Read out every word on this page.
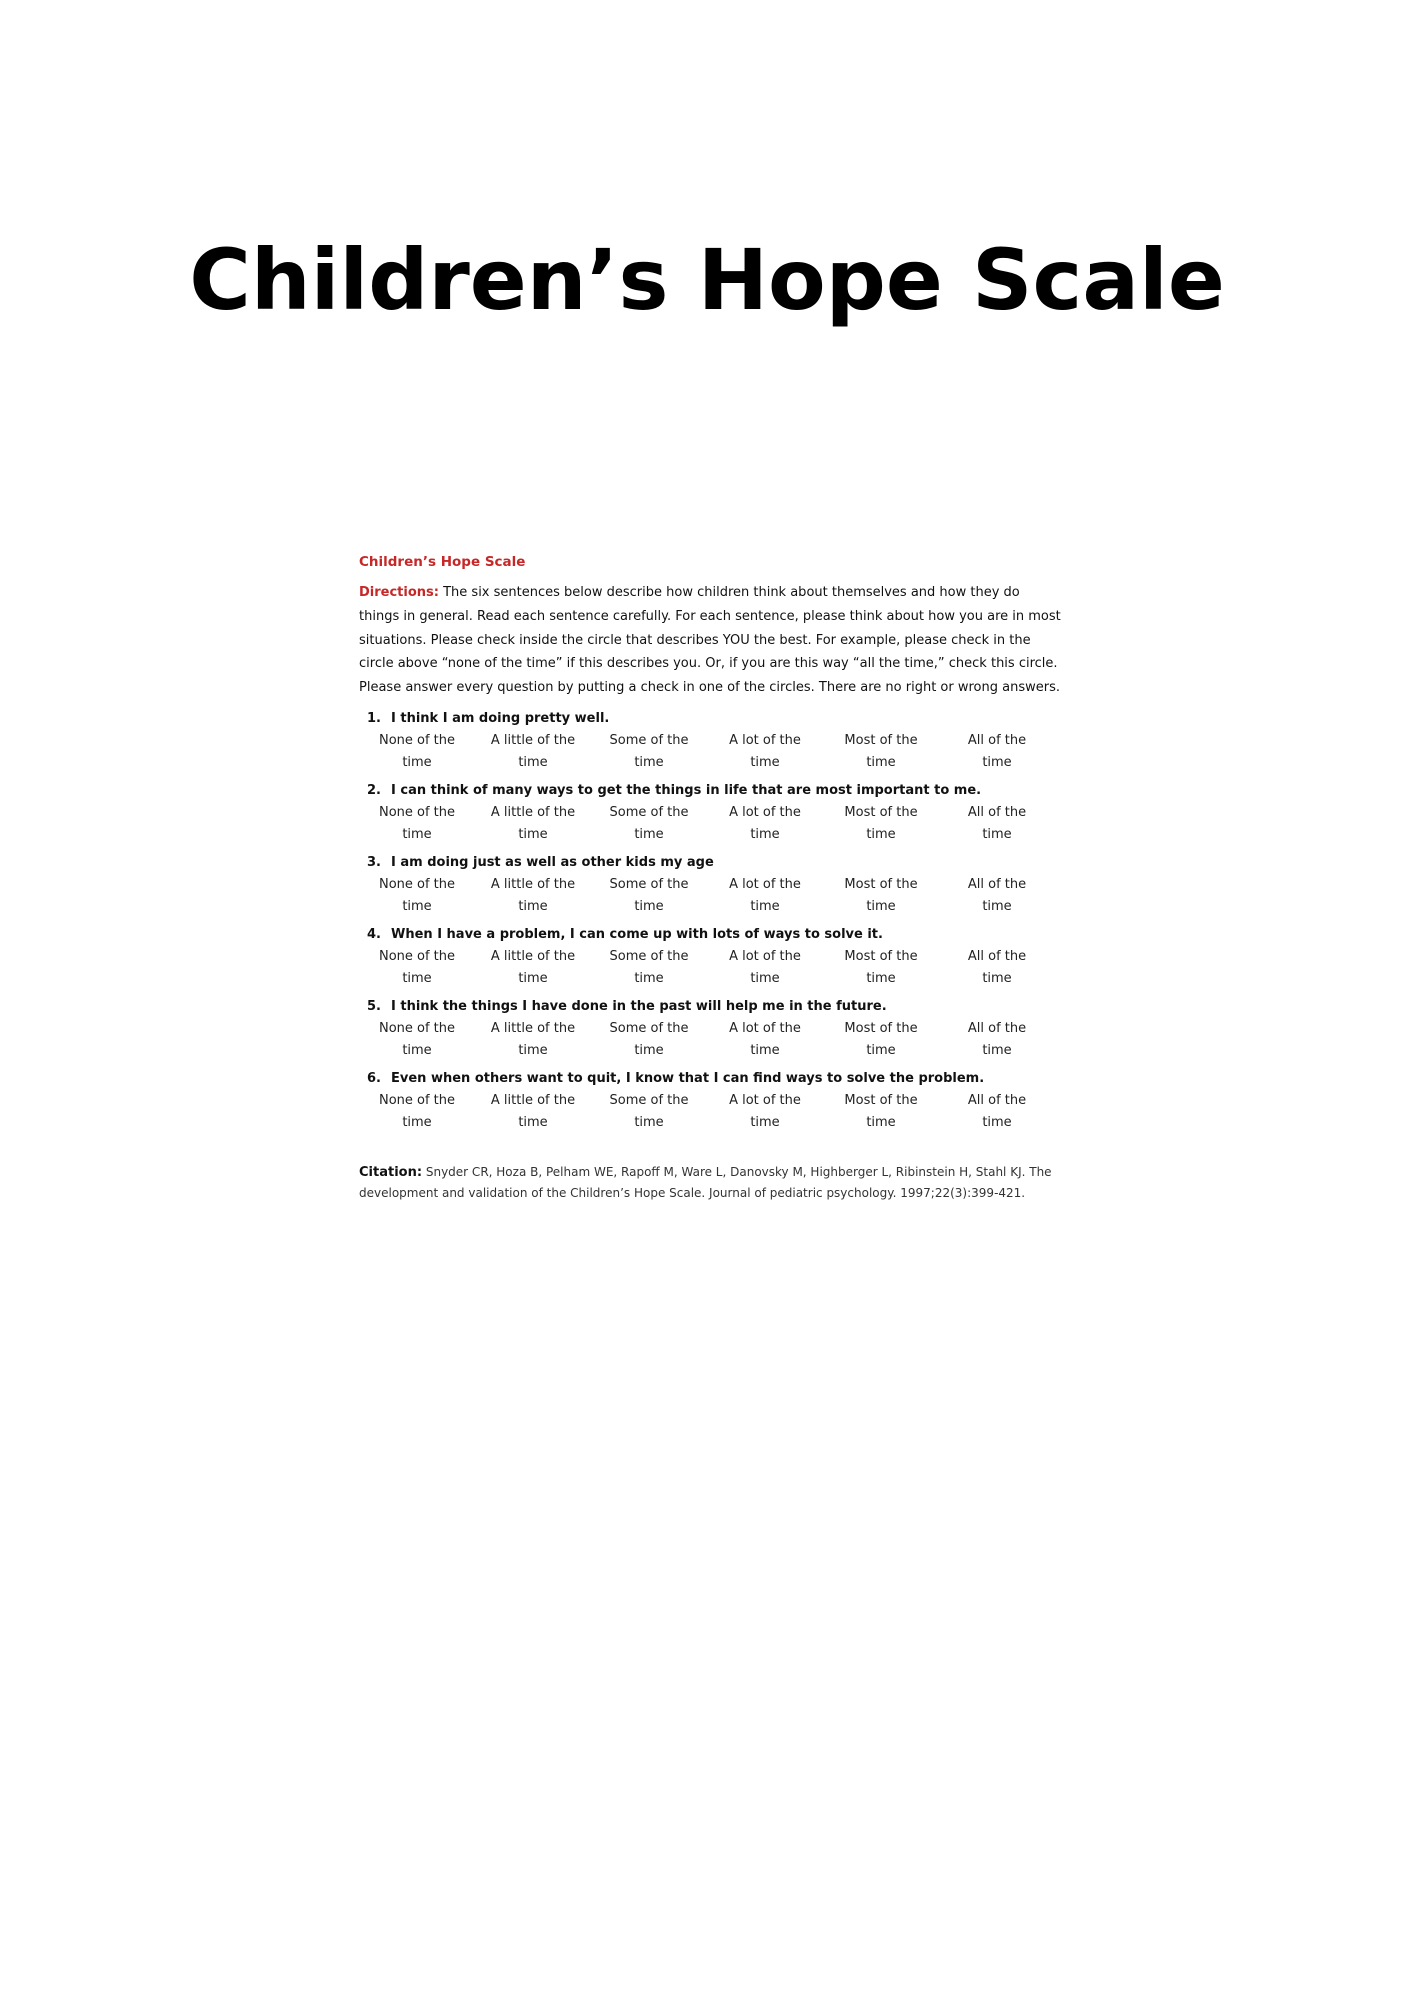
Children’s Hope Scale
Children’s Hope Scale
Directions: The six sentences below describe how children think about themselves and how they do things in general. Read each sentence carefully. For each sentence, please think about how you are in most situations. Please check inside the circle that describes YOU the best. For example, please check in the circle above “none of the time” if this describes you. Or, if you are this way “all the time,” check this circle. Please answer every question by putting a check in one of the circles. There are no right or wrong answers.
1. I think I am doing pretty well.
None of the
time
A little of the
time
Some of the
time
A lot of the
time
Most of the
time
All of the
time
2. I can think of many ways to get the things in life that are most important to me.
None of the
time
A little of the
time
Some of the
time
A lot of the
time
Most of the
time
All of the
time
3. I am doing just as well as other kids my age
None of the
time
A little of the
time
Some of the
time
A lot of the
time
Most of the
time
All of the
time
4. When I have a problem, I can come up with lots of ways to solve it.
None of the
time
A little of the
time
Some of the
time
A lot of the
time
Most of the
time
All of the
time
5. I think the things I have done in the past will help me in the future.
None of the
time
A little of the
time
Some of the
time
A lot of the
time
Most of the
time
All of the
time
6. Even when others want to quit, I know that I can find ways to solve the problem.
None of the
time
A little of the
time
Some of the
time
A lot of the
time
Most of the
time
All of the
time
Citation: Snyder CR, Hoza B, Pelham WE, Rapoff M, Ware L, Danovsky M, Highberger L, Ribinstein H, Stahl KJ. The development and validation of the Children’s Hope Scale. Journal of pediatric psychology. 1997;22(3):399-421.
